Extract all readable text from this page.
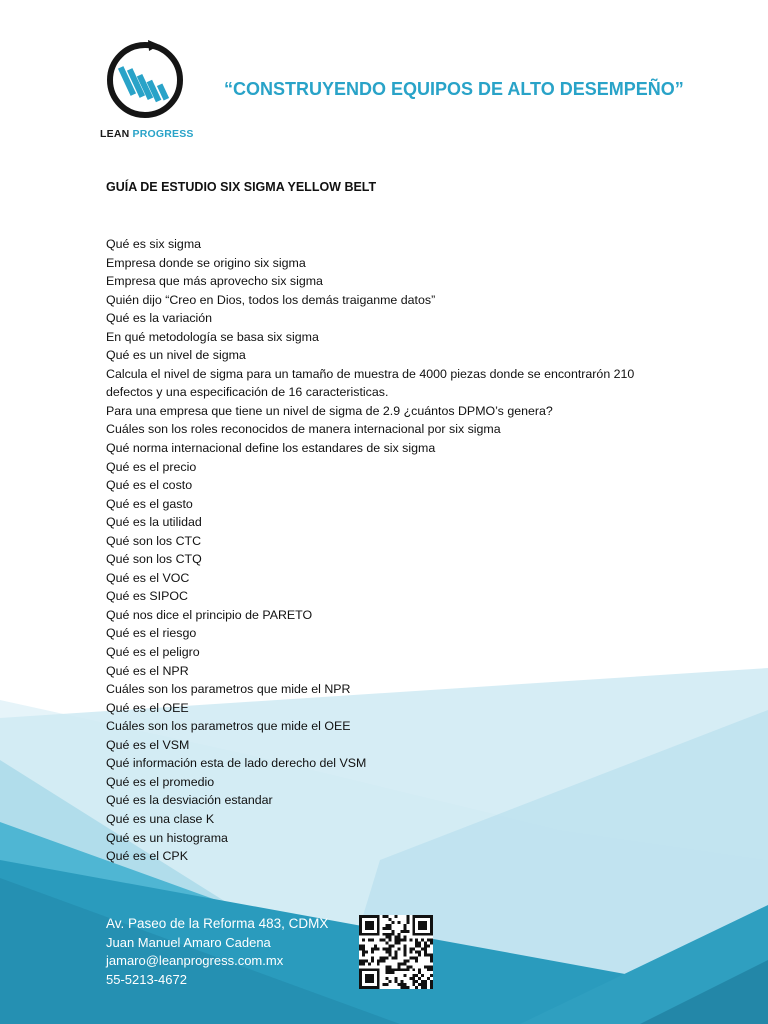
LEAN PROGRESS
“CONSTRUYENDO EQUIPOS DE ALTO DESEMPEÑO”
GUÍA DE ESTUDIO SIX SIGMA YELLOW BELT
Qué es six sigma
Empresa donde se origino six sigma
Empresa que más aprovecho six sigma
Quién dijo “Creo en Dios, todos los demás traiganme datos”
Qué es la variación
En qué metodología se basa six sigma
Qué es un nivel de sigma
Calcula el nivel de sigma para un tamaño de muestra de 4000 piezas donde se encontrarón 210
defectos y una especificación de 16 caracteristicas.
Para una empresa que tiene un nivel de sigma de 2.9 ¿cuántos DPMO’s genera?
Cuáles son los roles reconocidos de manera internacional por six sigma
Qué norma internacional define los estandares de six sigma
Qué es el precio
Qué es el costo
Qué es el gasto
Qué es la utilidad
Qué son los CTC
Qué son los CTQ
Qué es el VOC
Qué es SIPOC
Qué nos dice el principio de PARETO
Qué es el riesgo
Qué es el peligro
Qué es el NPR
Cuáles son los parametros que mide el NPR
Qué es el OEE
Cuáles son los parametros que mide el OEE
Qué es el VSM
Qué información esta de lado derecho del VSM
Qué es el promedio
Qué es la desviación estandar
Qué es una clase K
Qué es un histograma
Qué es el CPK
Av. Paseo de la Reforma 483, CDMX
Juan Manuel Amaro Cadena
jamaro@leanprogress.com.mx
55-5213-4672
